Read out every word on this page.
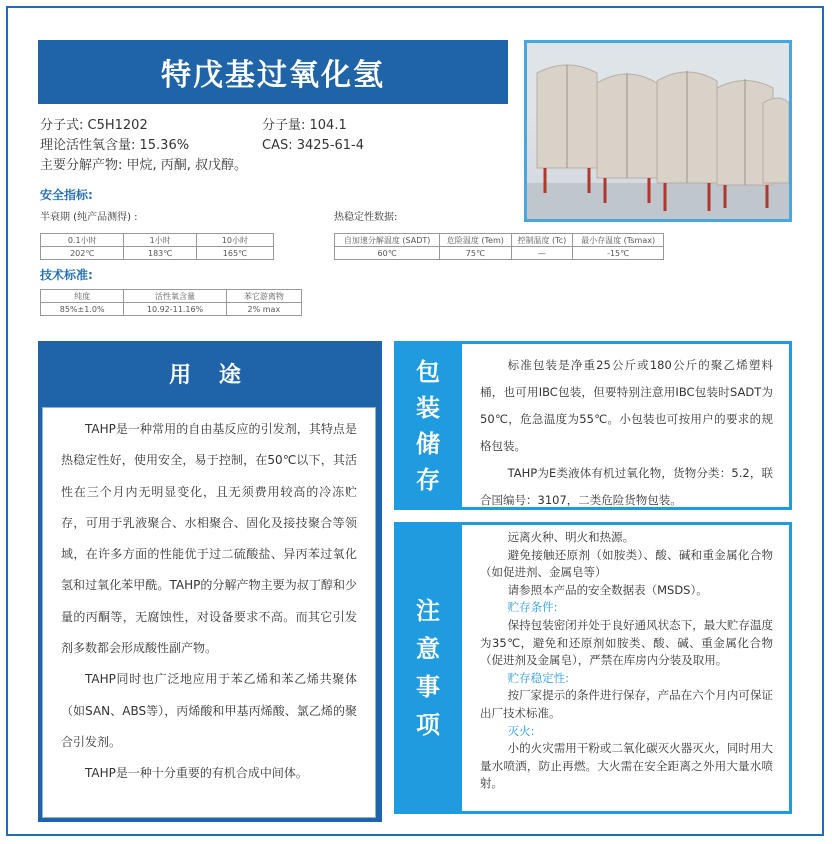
特戊基过氧化氢
分子式: C5H1202	分子量: 104.1
理论活性氧含量: 15.36%	CAS: 3425-61-4
主要分解产物: 甲烷, 丙酮, 叔戊醇。
安全指标:
半衰期 (纯产品测得) :	热稳定性数据:
0.1小时	1小时	10小时
202℃	183℃	165℃
自加速分解温度 (SADT)	危险温度 (Tem)	控制温度 (Tc)	最小存温度 (Tsmax)
60℃	75℃	—	-15℃
技术标准:
纯度	活性氧含量	苯它游离物
85%±1.0%	10.92-11.16%	2% max
用 途

TAHP是一种常用的自由基反应的引发剂，其特点是热稳定性好，使用安全，易于控制，在50℃以下，其活性在三个月内无明显变化，且无须费用较高的冷冻贮存，可用于乳液聚合、水相聚合、固化及接技聚合等领域，在许多方面的性能优于过二硫酸盐、异丙苯过氧化氢和过氧化苯甲酰。TAHP的分解产物主要为叔丁醇和少量的丙酮等，无腐蚀性，对设备要求不高。而其它引发剂多数都会形成酸性副产物。

TAHP同时也广泛地应用于苯乙烯和苯乙烯共聚体（如SAN、ABS等），丙烯酸和甲基丙烯酸、氯乙烯的聚合引发剂。

TAHP是一种十分重要的有机合成中间体。

包
装
储
存

标准包装是净重25公斤或180公斤的聚乙烯塑料桶，也可用IBC包装，但要特别注意用IBC包装时SADT为50℃，危急温度为55℃。小包装也可按用户的要求的规格包装。

TAHP为E类液体有机过氧化物，货物分类：5.2，联合国编号：3107，二类危险货物包装。

注
意
事
项

远离火种、明火和热源。

避免接触还原剂（如胺类）、酸、碱和重金属化合物（如促进剂、金属皂等）

请参照本产品的安全数据表（MSDS）。

贮存条件:

保持包装密闭并处于良好通风状态下，最大贮存温度为35℃，避免和还原剂如胺类、酸、碱、重金属化合物（促进剂及金属皂），严禁在库房内分装及取用。

贮存稳定性:

按厂家提示的条件进行保存，产品在六个月内可保证出厂技术标准。

灭火:

小的火灾需用干粉或二氧化碳灭火器灭火，同时用大量水喷洒，防止再燃。大火需在安全距离之外用大量水喷射。
